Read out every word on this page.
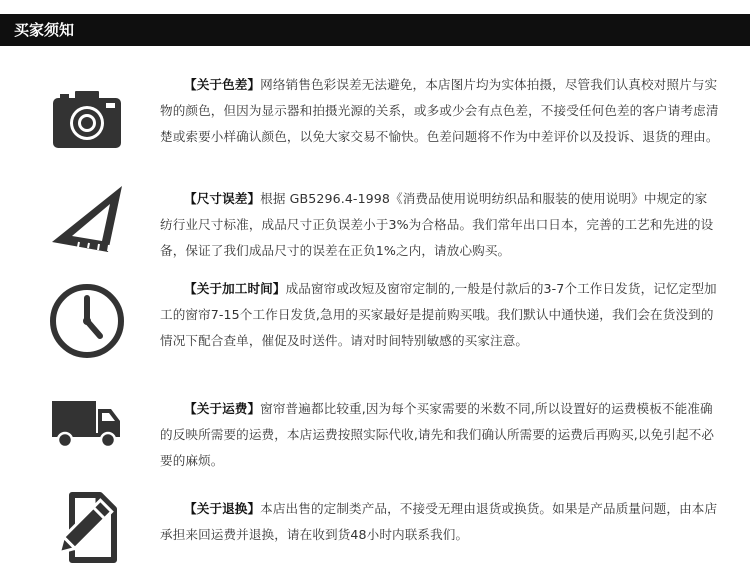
买家须知

【关于色差】网络销售色彩误差无法避免，本店图片均为实体拍摄，尽管我们认真校对照片与实物的颜色，但因为显示器和拍摄光源的关系，或多或少会有点色差，不接受任何色差的客户请考虑清楚或索要小样确认颜色，以免大家交易不愉快。色差问题将不作为中差评价以及投诉、退货的理由。

【尺寸误差】根据 GB5296.4-1998《消费品使用说明纺织品和服装的使用说明》中规定的家纺行业尺寸标准，成品尺寸正负误差小于3%为合格品。我们常年出口日本，完善的工艺和先进的设备，保证了我们成品尺寸的误差在正负1%之内，请放心购买。

【关于加工时间】成品窗帘或改短及窗帘定制的,一般是付款后的3-7个工作日发货，记忆定型加工的窗帘7-15个工作日发货,急用的买家最好是提前购买哦。我们默认中通快递，我们会在货没到的情况下配合查单，催促及时送件。请对时间特别敏感的买家注意。

【关于运费】窗帘普遍都比较重,因为每个买家需要的米数不同,所以设置好的运费模板不能准确的反映所需要的运费，本店运费按照实际代收,请先和我们确认所需要的运费后再购买,以免引起不必要的麻烦。

【关于退换】本店出售的定制类产品，不接受无理由退货或换货。如果是产品质量问题，由本店承担来回运费并退换，请在收到货48小时内联系我们。
